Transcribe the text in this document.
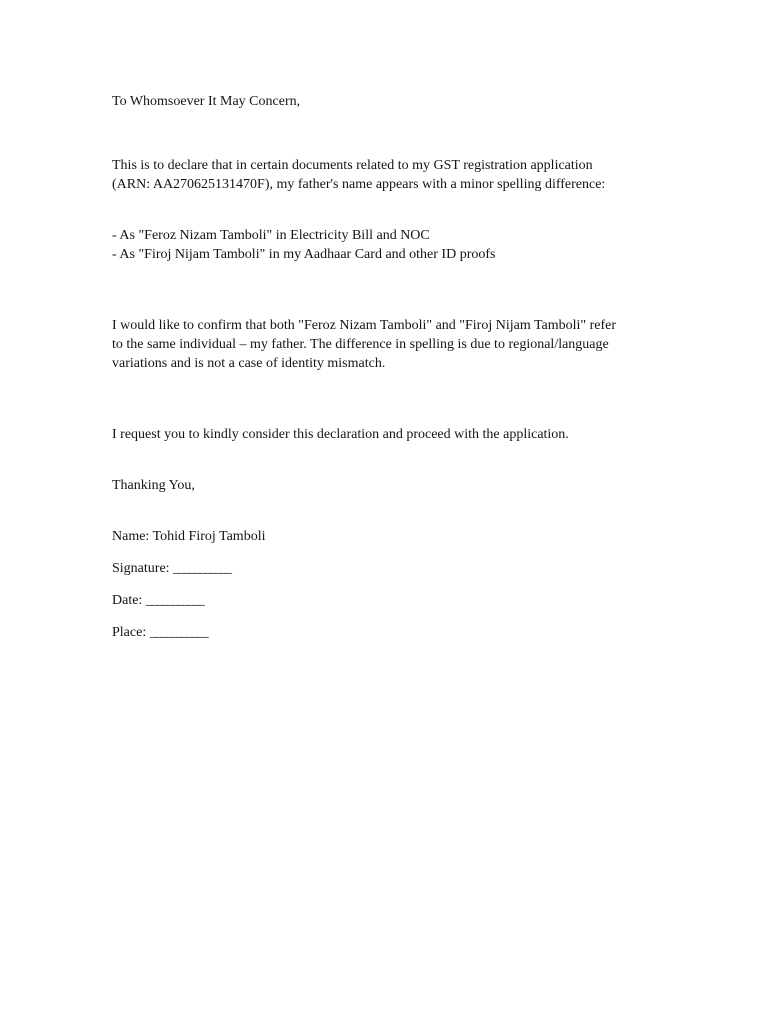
To Whomsoever It May Concern,
This is to declare that in certain documents related to my GST registration application
(ARN: AA270625131470F), my father's name appears with a minor spelling difference:
- As "Feroz Nizam Tamboli" in Electricity Bill and NOC
- As "Firoj Nijam Tamboli" in my Aadhaar Card and other ID proofs
I would like to confirm that both "Feroz Nizam Tamboli" and "Firoj Nijam Tamboli" refer
to the same individual – my father. The difference in spelling is due to regional/language
variations and is not a case of identity mismatch.
I request you to kindly consider this declaration and proceed with the application.
Thanking You,
Name: Tohid Firoj Tamboli
Signature: ___________
Date: ___________
Place: ___________
